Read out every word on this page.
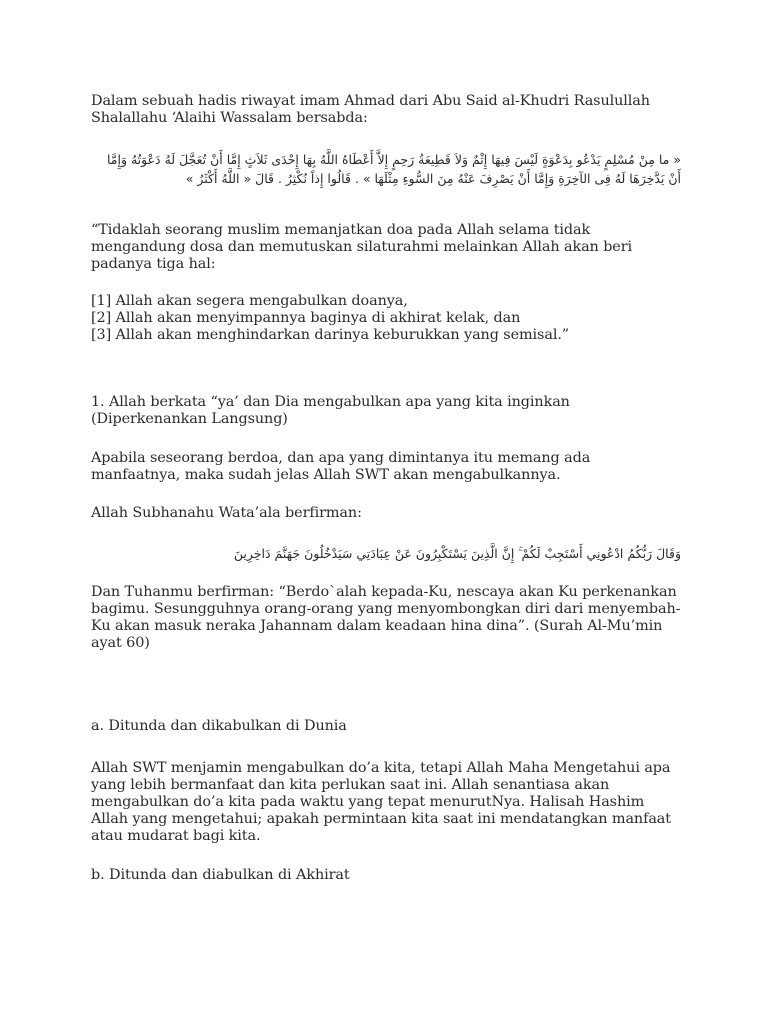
Dalam sebuah hadis riwayat imam Ahmad dari Abu Said al-Khudri Rasulullah Shalallahu ‘Alaihi Wassalam bersabda:

« ما مِنْ مُسْلِمٍ يَدْعُو بِدَعْوَةٍ لَيْسَ فِيهَا إِثْمٌ وَلاَ قَطِيعَةُ رَحِمٍ إِلاَّ أَعْطَاهُ اللَّهُ بِهَا إِحْدَى ثَلاَثٍ إِمَّا أَنْ تُعَجَّلَ لَهُ دَعْوَتُهُ وَإِمَّا أَنْ يَدَّخِرَهَا لَهُ فِى الآخِرَةِ وَإِمَّا أَنْ يَصْرِفَ عَنْهُ مِنَ السُّوءِ مِثْلَهَا » . قَالُوا إِذاً نُكْثِرُ . قَالَ « اللَّهُ أَكْثَرُ »

“Tidaklah seorang muslim memanjatkan doa pada Allah selama tidak mengandung dosa dan memutuskan silaturahmi melainkan Allah akan beri padanya tiga hal:

[1] Allah akan segera mengabulkan doanya,

[2] Allah akan menyimpannya baginya di akhirat kelak, dan

[3] Allah akan menghindarkan darinya keburukkan yang semisal.”

1. Allah berkata “ya’ dan Dia mengabulkan apa yang kita inginkan (Diperkenankan Langsung)

Apabila seseorang berdoa, dan apa yang dimintanya itu memang ada manfaatnya, maka sudah jelas Allah SWT akan mengabulkannya.

Allah Subhanahu Wata’ala berfirman:

وَقَالَ رَبُّكُمُ ادْعُونِي أَسْتَجِبْ لَكُمْ ۚ إِنَّ الَّذِينَ يَسْتَكْبِرُونَ عَنْ عِبَادَتِي سَيَدْخُلُونَ جَهَنَّمَ دَاخِرِينَ

Dan Tuhanmu berfirman: “Berdo`alah kepada-Ku, nescaya akan Ku perkenankan bagimu. Sesungguhnya orang-orang yang menyombongkan diri dari menyembah-Ku akan masuk neraka Jahannam dalam keadaan hina dina”. (Surah Al-Mu’min ayat 60)

a. Ditunda dan dikabulkan di Dunia

Allah SWT menjamin mengabulkan do’a kita, tetapi Allah Maha Mengetahui apa yang lebih bermanfaat dan kita perlukan saat ini. Allah senantiasa akan mengabulkan do’a kita pada waktu yang tepat menurutNya. Halisah Hashim Allah yang mengetahui; apakah permintaan kita saat ini mendatangkan manfaat atau mudarat bagi kita.

b. Ditunda dan diabulkan di Akhirat
